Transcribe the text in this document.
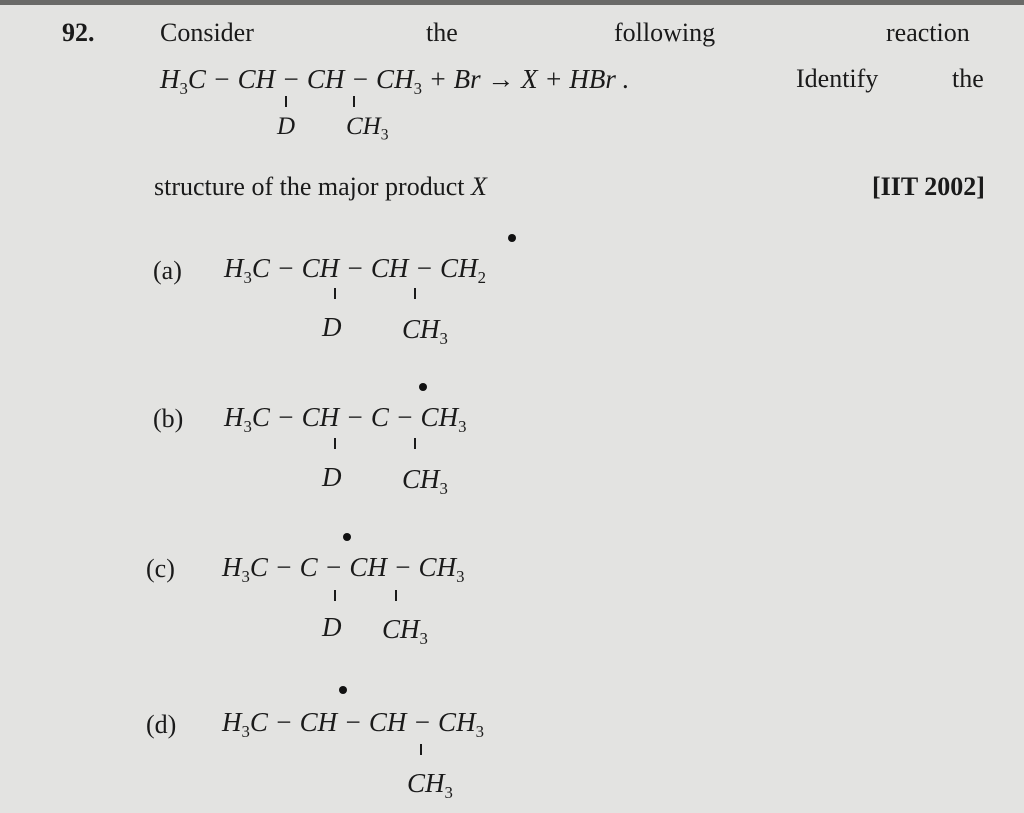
92.	Consider	the	following	reaction
$H_3C$ − CH − CH − $CH_3 + Br \to X$ + HBr .	Identify	the
D $CH_3$
structure of the major product X	[IIT 2002]
(a) $H_3C$ − CH − CH − $CH_2$
D $CH_3$
(b) $H_3C$ − CH − $C - CH_3$
D $CH_3$
(c) $H_3C - C$ − CH − $CH_3$
D $CH_3$
(d) $H_3C$ − CH − CH − $CH_3$
$CH_3$
